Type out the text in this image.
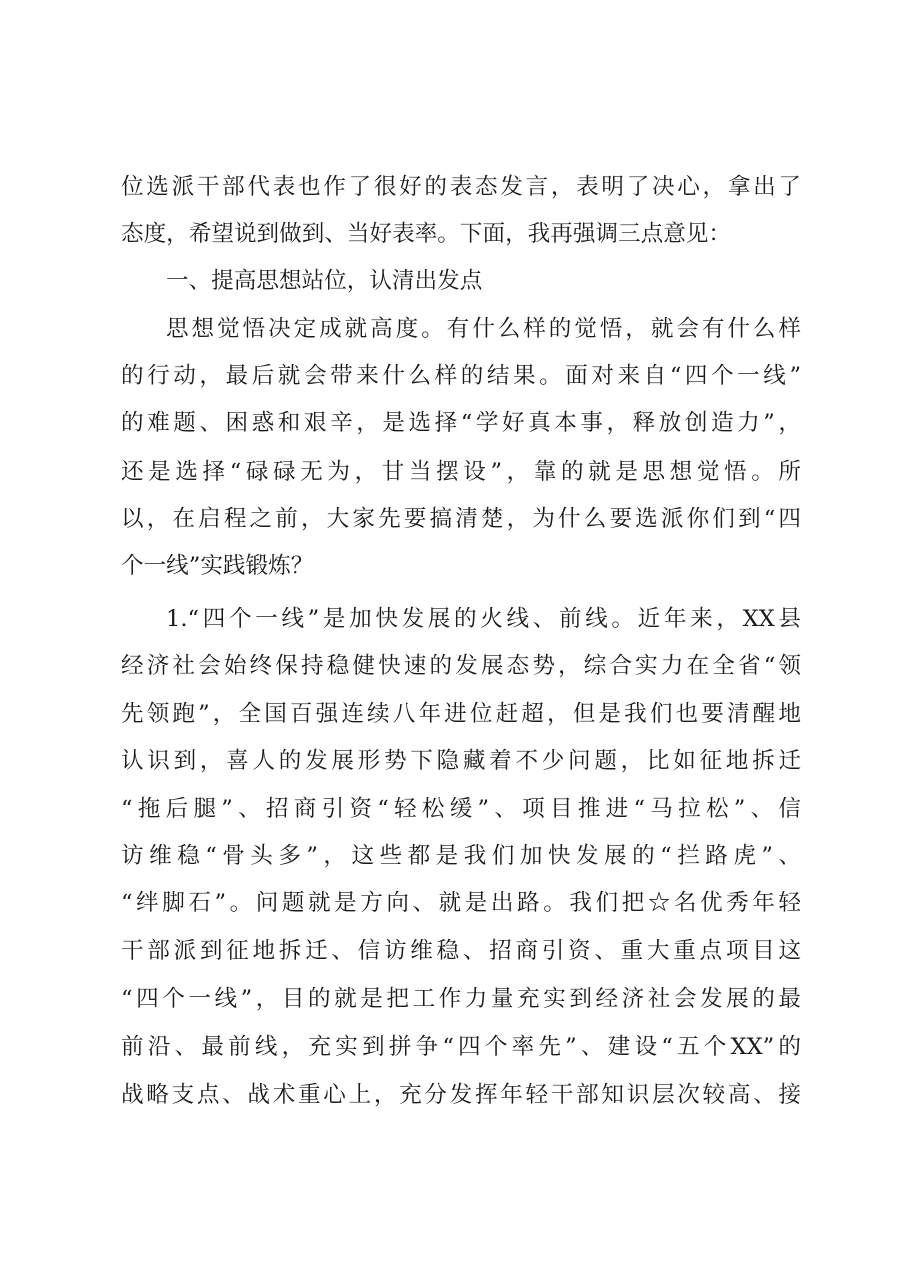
位选派干部代表也作了很好的表态发言，表明了决心，拿出了
态度，希望说到做到、当好表率。下面，我再强调三点意见：
一、提高思想站位，认清出发点
思想觉悟决定成就高度。有什么样的觉悟，就会有什么样
的行动，最后就会带来什么样的结果。面对来自“四个一线”
的难题、困惑和艰辛，是选择“学好真本事，释放创造力”，
还是选择“碌碌无为，甘当摆设”，靠的就是思想觉悟。所
以，在启程之前，大家先要搞清楚，为什么要选派你们到“四
个一线”实践锻炼？
1.“四个一线”是加快发展的火线、前线。近年来，XX县
经济社会始终保持稳健快速的发展态势，综合实力在全省“领
先领跑”，全国百强连续八年进位赶超，但是我们也要清醒地
认识到，喜人的发展形势下隐藏着不少问题，比如征地拆迁
“拖后腿”、招商引资“轻松缓”、项目推进“马拉松”、信
访维稳“骨头多”，这些都是我们加快发展的“拦路虎”、
“绊脚石”。问题就是方向、就是出路。我们把☆名优秀年轻
干部派到征地拆迁、信访维稳、招商引资、重大重点项目这
“四个一线”，目的就是把工作力量充实到经济社会发展的最
前沿、最前线，充实到拼争“四个率先”、建设“五个XX”的
战略支点、战术重心上，充分发挥年轻干部知识层次较高、接
